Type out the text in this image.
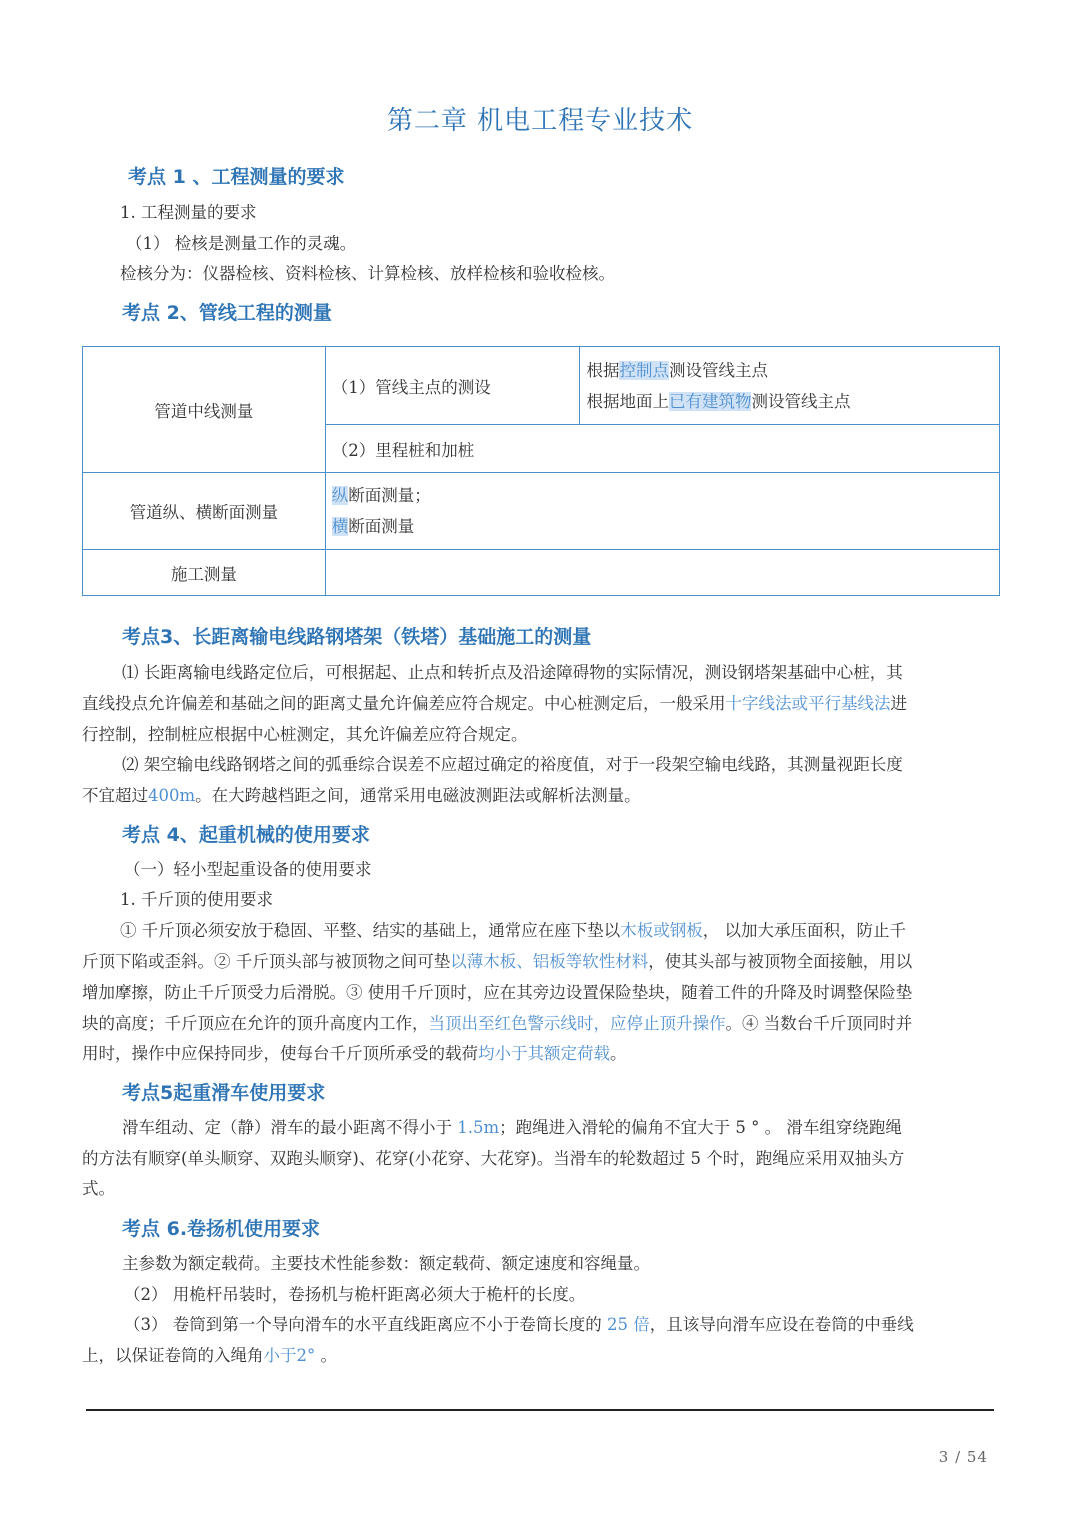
第二章 机电工程专业技术
考点 1 、工程测量的要求
1. 工程测量的要求
（1） 检核是测量工作的灵魂。
检核分为：仪器检核、资料检核、计算检核、放样检核和验收检核。
考点 2、管线工程的测量
管道中线测量	（1）管线主点的测设	根据控制点测设管线主点
根据地面上已有建筑物测设管线主点

	（2）里程桩和加桩	
管道纵、横断面测量	纵断面测量；
横断面测量	

施工测量		
考点3、长距离输电线路钢塔架（铁塔）基础施工的测量
⑴ 长距离输电线路定位后，可根据起、止点和转折点及沿途障碍物的实际情况，测设钢塔架基础中心桩，其
直线投点允许偏差和基础之间的距离丈量允许偏差应符合规定。中心桩测定后，一般采用十字线法或平行基线法进
行控制，控制桩应根据中心桩测定，其允许偏差应符合规定。
⑵ 架空输电线路钢塔之间的弧垂综合误差不应超过确定的裕度值，对于一段架空输电线路，其测量视距长度
不宜超过400m。在大跨越档距之间，通常采用电磁波测距法或解析法测量。
考点 4、起重机械的使用要求
（一）轻小型起重设备的使用要求
1. 千斤顶的使用要求
① 千斤顶必须安放于稳固、平整、结实的基础上，通常应在座下垫以木板或钢板， 以加大承压面积，防止千
斤顶下陷或歪斜。② 千斤顶头部与被顶物之间可垫以薄木板、铝板等软性材料，使其头部与被顶物全面接触，用以
增加摩擦，防止千斤顶受力后滑脱。③ 使用千斤顶时，应在其旁边设置保险垫块，随着工件的升降及时调整保险垫
块的高度；千斤顶应在允许的顶升高度内工作，当顶出至红色警示线时，应停止顶升操作。④ 当数台千斤顶同时并
用时，操作中应保持同步，使每台千斤顶所承受的载荷均小于其额定荷载。
考点5起重滑车使用要求
滑车组动、定（静）滑车的最小距离不得小于 1.5m；跑绳进入滑轮的偏角不宜大于 5 ° 。 滑车组穿绕跑绳
的方法有顺穿(单头顺穿、双跑头顺穿)、花穿(小花穿、大花穿)。当滑车的轮数超过 5 个时，跑绳应采用双抽头方
式。
考点 6.卷扬机使用要求
主参数为额定载荷。主要技术性能参数：额定载荷、额定速度和容绳量。
（2） 用桅杆吊装时，卷扬机与桅杆距离必须大于桅杆的长度。
（3） 卷筒到第一个导向滑车的水平直线距离应不小于卷筒长度的 25 倍，且该导向滑车应设在卷筒的中垂线
上，以保证卷筒的入绳角小于2° 。
3 / 54
